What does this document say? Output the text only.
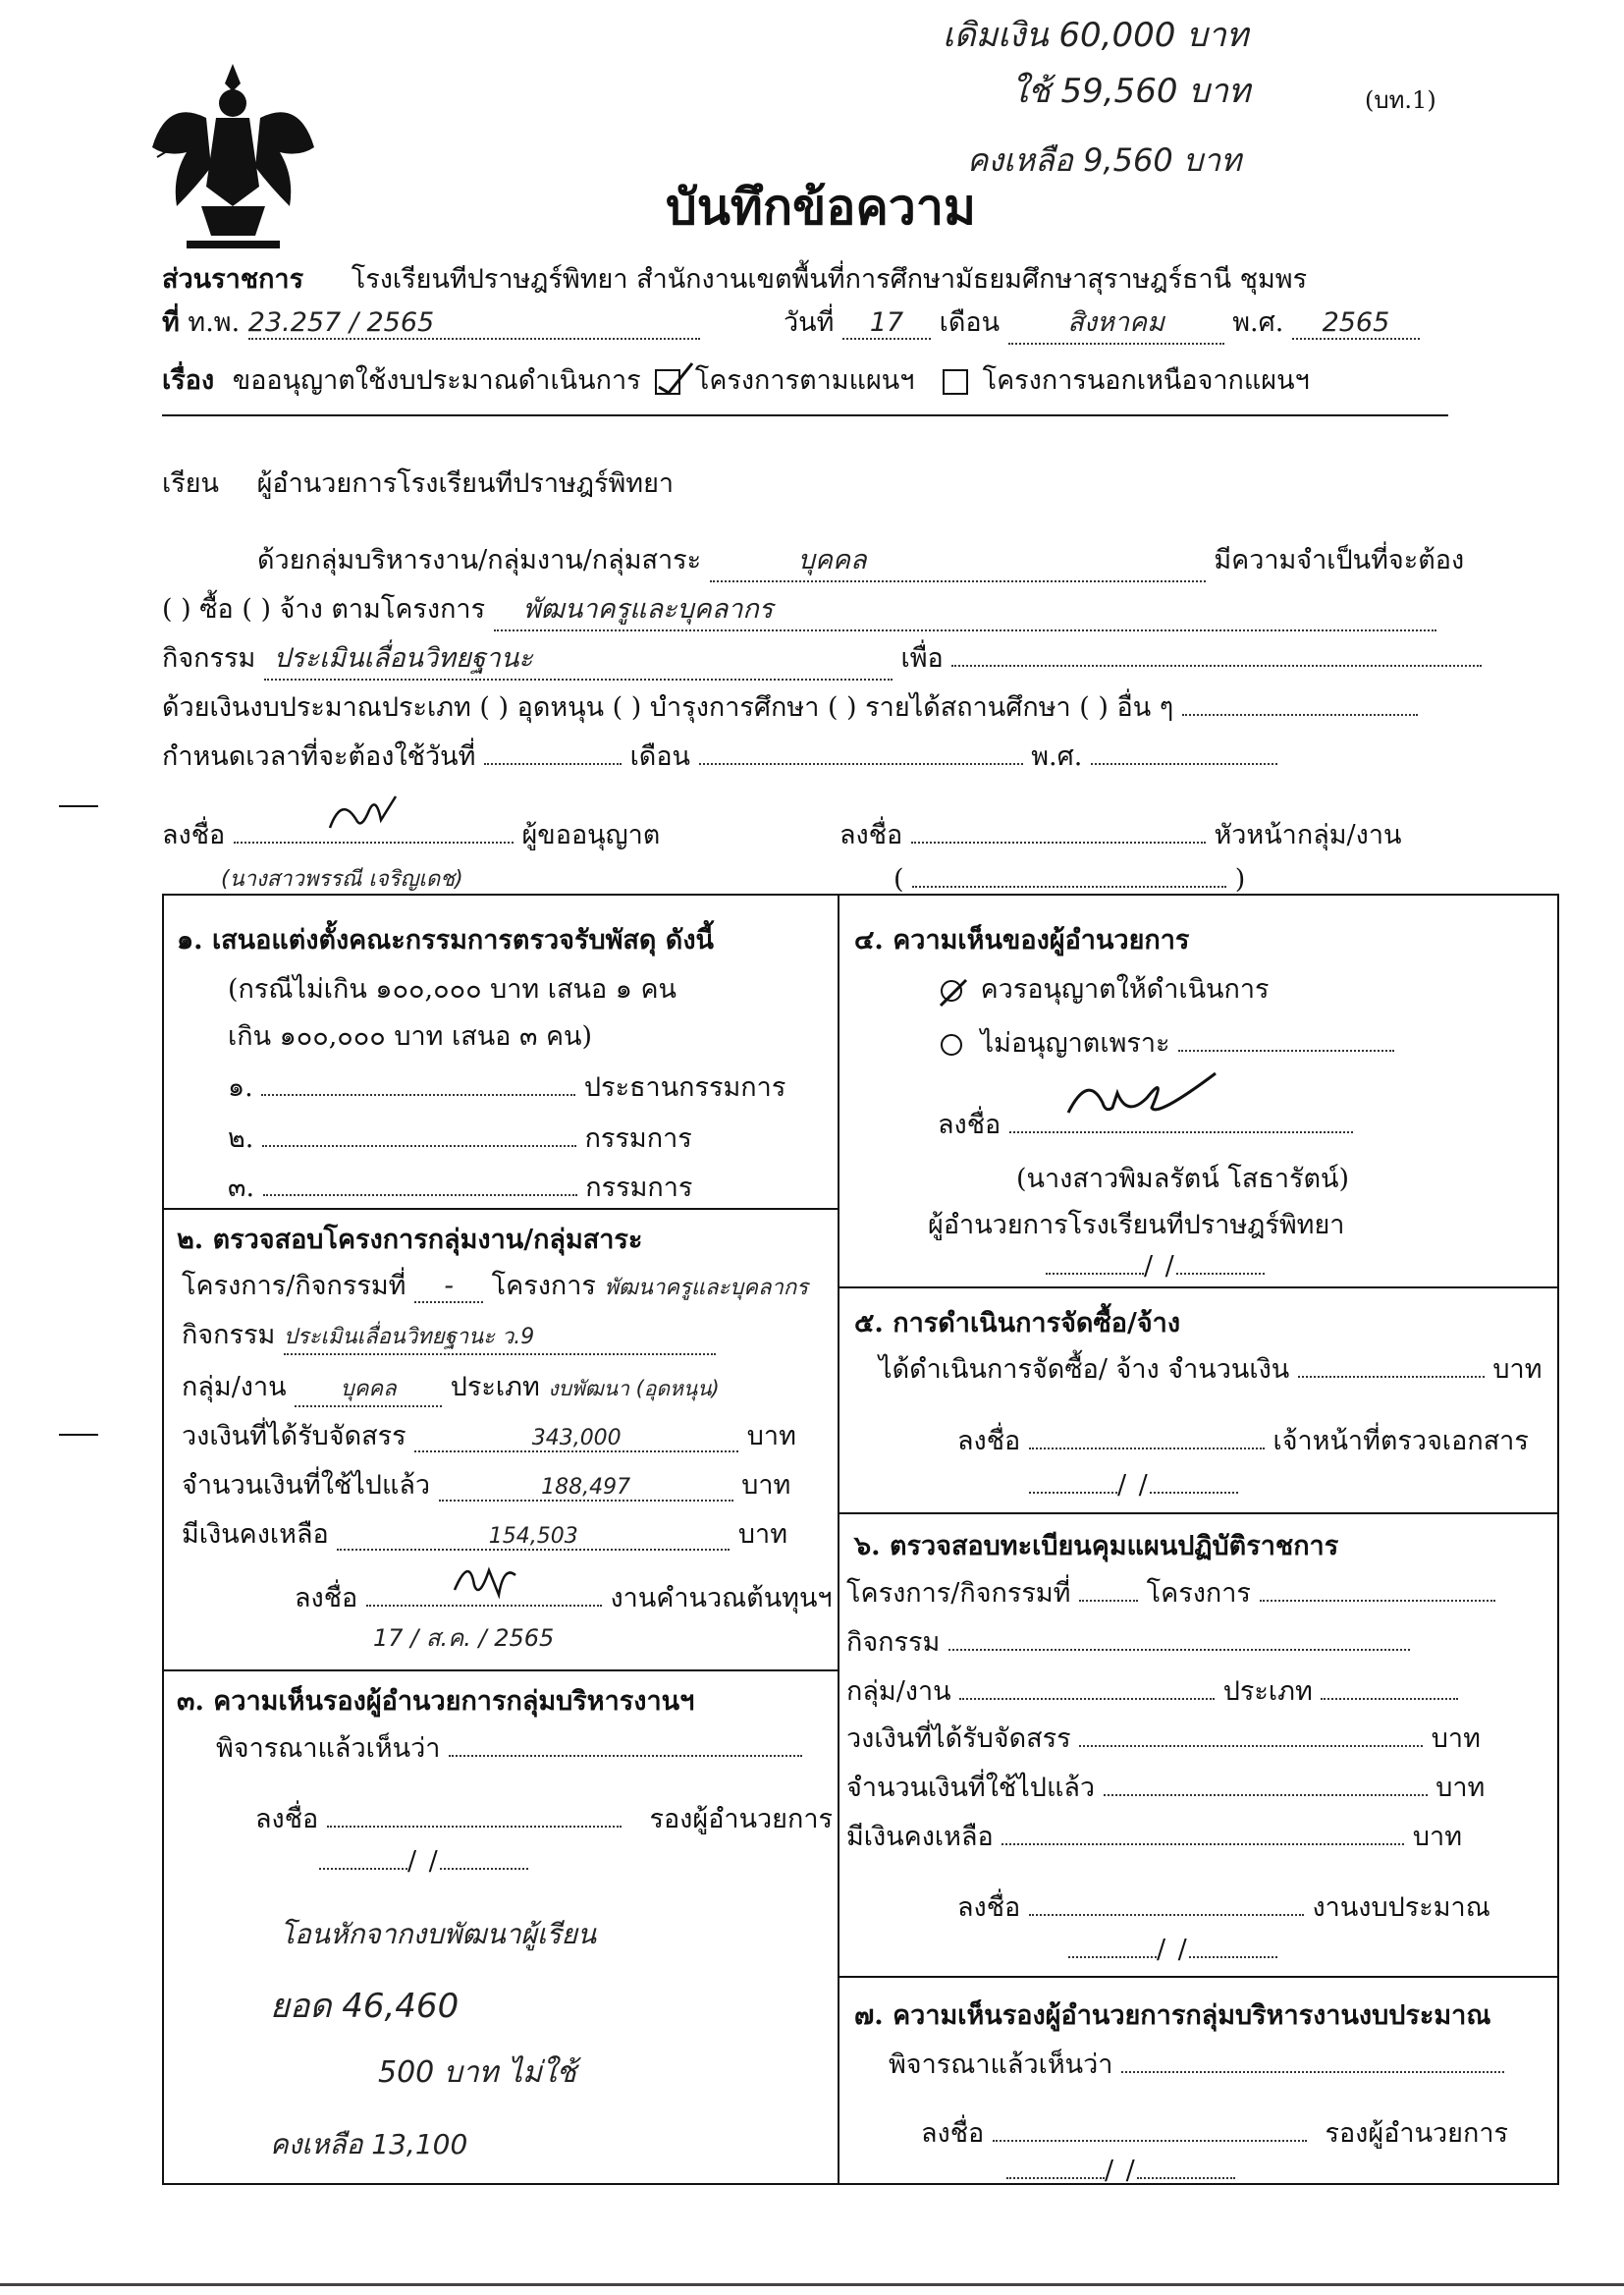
เดิมเงิน 60,000 บาท
ใช้ 59,560 บาท	(บท.1)
คงเหลือ 9,560 บาท
บันทึกข้อความ
ส่วนราชการ โรงเรียนทีปราษฎร์พิทยา สำนักงานเขตพื้นที่การศึกษามัธยมศึกษาสุราษฎร์ธานี ชุมพร
ที่ ท.พ. 23.257 / 2565	วันที่ 17 เดือน	สิงหาคม	พ.ศ. 2565
เรื่อง ขออนุญาตใช้งบประมาณดำเนินการ โครงการตามแผนฯ	โครงการนอกเหนือจากแผนฯ
เรียน ผู้อำนวยการโรงเรียนทีปราษฎร์พิทยา
ด้วยกลุ่มบริหารงาน/กลุ่มงาน/กลุ่มสาระ	บุคคล	มีความจำเป็นที่จะต้อง
( ) ซื้อ ( ) จ้าง ตามโครงการ พัฒนาครูและบุคลากร
กิจกรรม ประเมินเลื่อนวิทยฐานะ	เพื่อ
ด้วยเงินงบประมาณประเภท ( ) อุดหนุน ( ) บำรุงการศึกษา ( ) รายได้สถานศึกษา ( ) อื่น ๆ
กำหนดเวลาที่จะต้องใช้วันที่	เดือน	พ.ศ.
ลงชื่อ	ผู้ขออนุญาต
(นางสาวพรรณี เจริญเดช)
ลงชื่อ	หัวหน้ากลุ่ม/งาน
(	)
๑. เสนอแต่งตั้งคณะกรรมการตรวจรับพัสดุ ดังนี้
(กรณีไม่เกิน ๑๐๐,๐๐๐ บาท เสนอ ๑ คน
เกิน ๑๐๐,๐๐๐ บาท เสนอ ๓ คน)
๑.	ประธานกรรมการ
๒.	กรรมการ
๓.	กรรมการ
๒. ตรวจสอบโครงการกลุ่มงาน/กลุ่มสาระ
โครงการ/กิจกรรมที่ - โครงการ พัฒนาครูและบุคลากร
กิจกรรม ประเมินเลื่อนวิทยฐานะ ว.9
กลุ่ม/งาน	บุคคล ประเภท งบพัฒนา (อุดหนุน)
วงเงินที่ได้รับจัดสรร	343,000	บาท
จำนวนเงินที่ใช้ไปแล้ว	188,497	บาท
มีเงินคงเหลือ	154,503	บาท
ลงชื่อ	งานคำนวณต้นทุนฯ
17 / ส.ค. / 2565
๓. ความเห็นรองผู้อำนวยการกลุ่มบริหารงานฯ
พิจารณาแล้วเห็นว่า
ลงชื่อ	รองผู้อำนวยการ
/ /
โอนหักจากงบพัฒนาผู้เรียน
ยอด 46,460
500 บาท ไม่ใช้
คงเหลือ 13,100
๔. ความเห็นของผู้อำนวยการ
ควรอนุญาตให้ดำเนินการ
ไม่อนุญาตเพราะ
ลงชื่อ
(นางสาวพิมลรัตน์ โสธารัตน์)
ผู้อำนวยการโรงเรียนทีปราษฎร์พิทยา
/ /
๕. การดำเนินการจัดซื้อ/จ้าง
ได้ดำเนินการจัดซื้อ/ จ้าง จำนวนเงิน	บาท
ลงชื่อ	เจ้าหน้าที่ตรวจเอกสาร
/ /
๖. ตรวจสอบทะเบียนคุมแผนปฏิบัติราชการ
โครงการ/กิจกรรมที่	โครงการ
กิจกรรม
กลุ่ม/งาน	ประเภท
วงเงินที่ได้รับจัดสรร	บาท
จำนวนเงินที่ใช้ไปแล้ว	บาท
มีเงินคงเหลือ	บาท
ลงชื่อ	งานงบประมาณ
/ /
๗. ความเห็นรองผู้อำนวยการกลุ่มบริหารงานงบประมาณ
พิจารณาแล้วเห็นว่า
ลงชื่อ	รองผู้อำนวยการ
/ /
